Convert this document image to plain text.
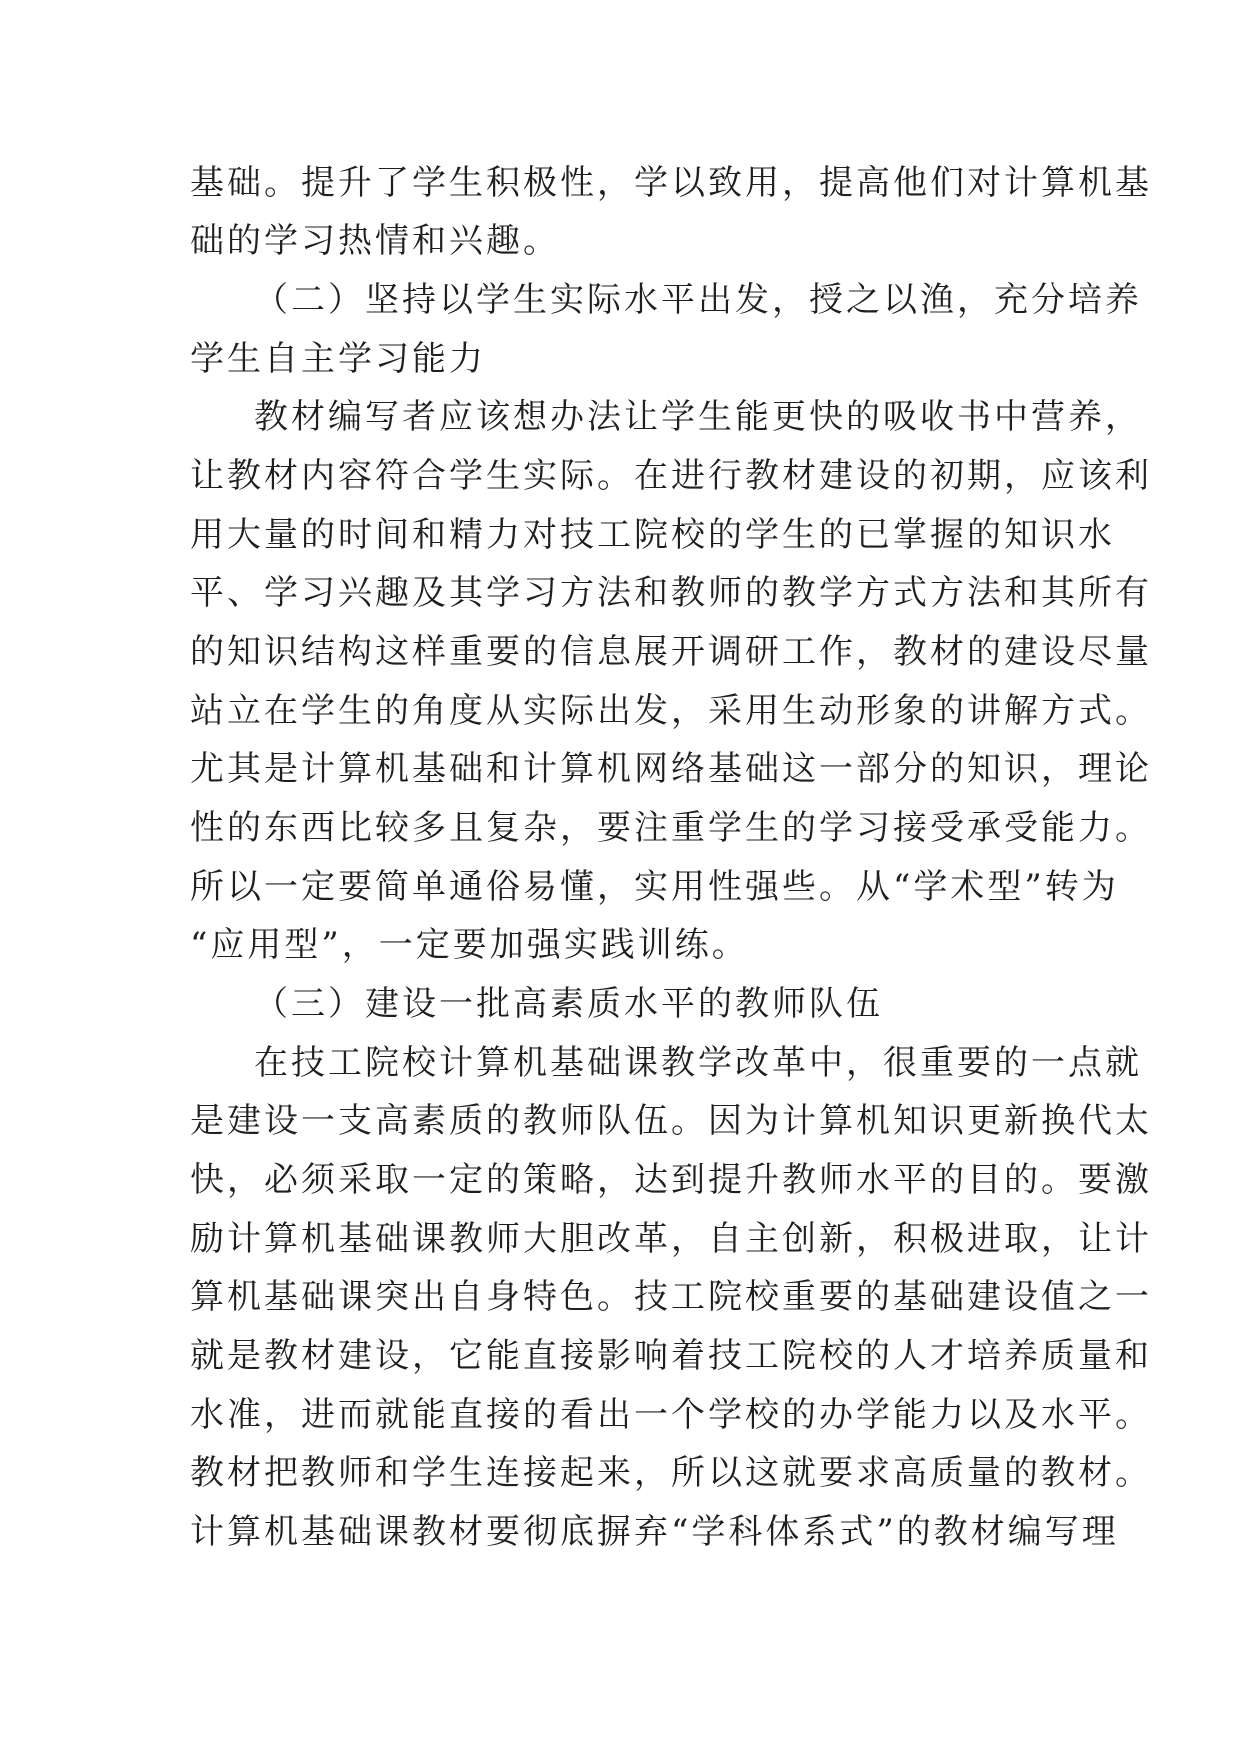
基础。提升了学生积极性，学以致用，提高他们对计算机基
础的学习热情和兴趣。
（二）坚持以学生实际水平出发，授之以渔，充分培养
学生自主学习能力
教材编写者应该想办法让学生能更快的吸收书中营养，
让教材内容符合学生实际。在进行教材建设的初期，应该利
用大量的时间和精力对技工院校的学生的已掌握的知识水
平、学习兴趣及其学习方法和教师的教学方式方法和其所有
的知识结构这样重要的信息展开调研工作，教材的建设尽量
站立在学生的角度从实际出发，采用生动形象的讲解方式。
尤其是计算机基础和计算机网络基础这一部分的知识，理论
性的东西比较多且复杂，要注重学生的学习接受承受能力。
所以一定要简单通俗易懂，实用性强些。从“学术型”转为
“应用型”，一定要加强实践训练。
（三）建设一批高素质水平的教师队伍
在技工院校计算机基础课教学改革中，很重要的一点就
是建设一支高素质的教师队伍。因为计算机知识更新换代太
快，必须采取一定的策略，达到提升教师水平的目的。要激
励计算机基础课教师大胆改革，自主创新，积极进取，让计
算机基础课突出自身特色。技工院校重要的基础建设值之一
就是教材建设，它能直接影响着技工院校的人才培养质量和
水准，进而就能直接的看出一个学校的办学能力以及水平。
教材把教师和学生连接起来，所以这就要求高质量的教材。
计算机基础课教材要彻底摒弃“学科体系式”的教材编写理
